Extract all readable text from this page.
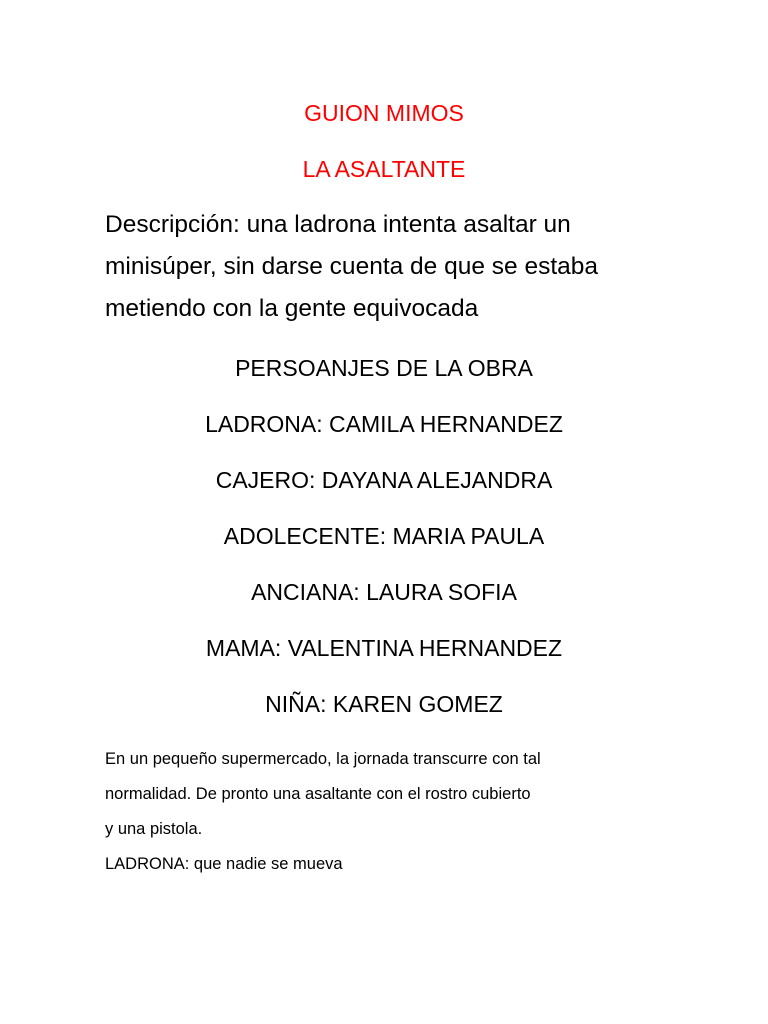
GUION MIMOS
LA ASALTANTE
Descripción: una ladrona intenta asaltar un
minisúper, sin darse cuenta de que se estaba
metiendo con la gente equivocada
PERSOANJES DE LA OBRA
LADRONA: CAMILA HERNANDEZ
CAJERO: DAYANA ALEJANDRA
ADOLECENTE: MARIA PAULA
ANCIANA: LAURA SOFIA
MAMA: VALENTINA HERNANDEZ
NIÑA: KAREN GOMEZ
En un pequeño supermercado, la jornada transcurre con tal
normalidad. De pronto una asaltante con el rostro cubierto
y una pistola.
LADRONA: que nadie se mueva
